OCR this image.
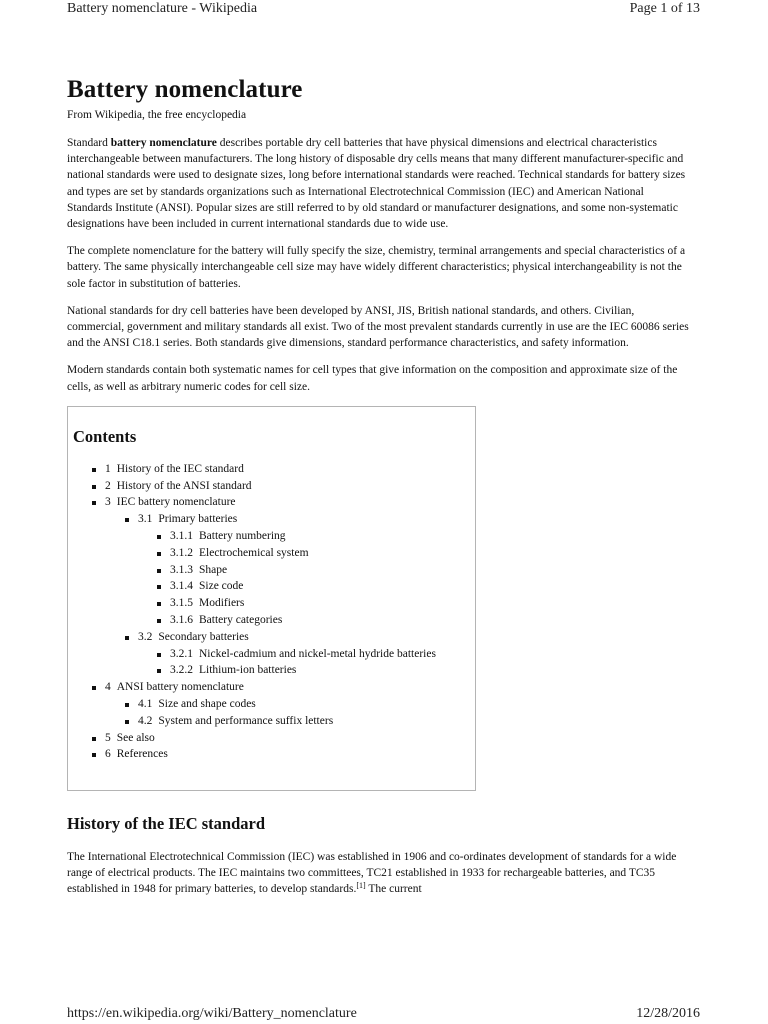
Battery nomenclature - Wikipedia	Page 1 of 13
Battery nomenclature
From Wikipedia, the free encyclopedia

Standard battery nomenclature describes portable dry cell batteries that have physical dimensions and electrical characteristics interchangeable between manufacturers. The long history of disposable dry cells means that many different manufacturer-specific and national standards were used to designate sizes, long before international standards were reached. Technical standards for battery sizes and types are set by standards organizations such as International Electrotechnical Commission (IEC) and American National Standards Institute (ANSI). Popular sizes are still referred to by old standard or manufacturer designations, and some non-systematic designations have been included in current international standards due to wide use.

The complete nomenclature for the battery will fully specify the size, chemistry, terminal arrangements and special characteristics of a battery. The same physically interchangeable cell size may have widely different characteristics; physical interchangeability is not the sole factor in substitution of batteries.

National standards for dry cell batteries have been developed by ANSI, JIS, British national standards, and others. Civilian, commercial, government and military standards all exist. Two of the most prevalent standards currently in use are the IEC 60086 series and the ANSI C18.1 series. Both standards give dimensions, standard performance characteristics, and safety information.

Modern standards contain both systematic names for cell types that give information on the composition and approximate size of the cells, as well as arbitrary numeric codes for cell size.

Contents
1 History of the IEC standard
2 History of the ANSI standard
3 IEC battery nomenclature
3.1 Primary batteries
3.1.1 Battery numbering
3.1.2 Electrochemical system
3.1.3 Shape
3.1.4 Size code
3.1.5 Modifiers
3.1.6 Battery categories
3.2 Secondary batteries
3.2.1 Nickel-cadmium and nickel-metal hydride batteries
3.2.2 Lithium-ion batteries
4 ANSI battery nomenclature
4.1 Size and shape codes
4.2 System and performance suffix letters
5 See also
6 References
History of the IEC standard

The International Electrotechnical Commission (IEC) was established in 1906 and co-ordinates development of standards for a wide range of electrical products. The IEC maintains two committees, TC21 established in 1933 for rechargeable batteries, and TC35 established in 1948 for primary batteries, to develop standards.[1] The current

https://en.wikipedia.org/wiki/Battery_nomenclature	12/28/2016
